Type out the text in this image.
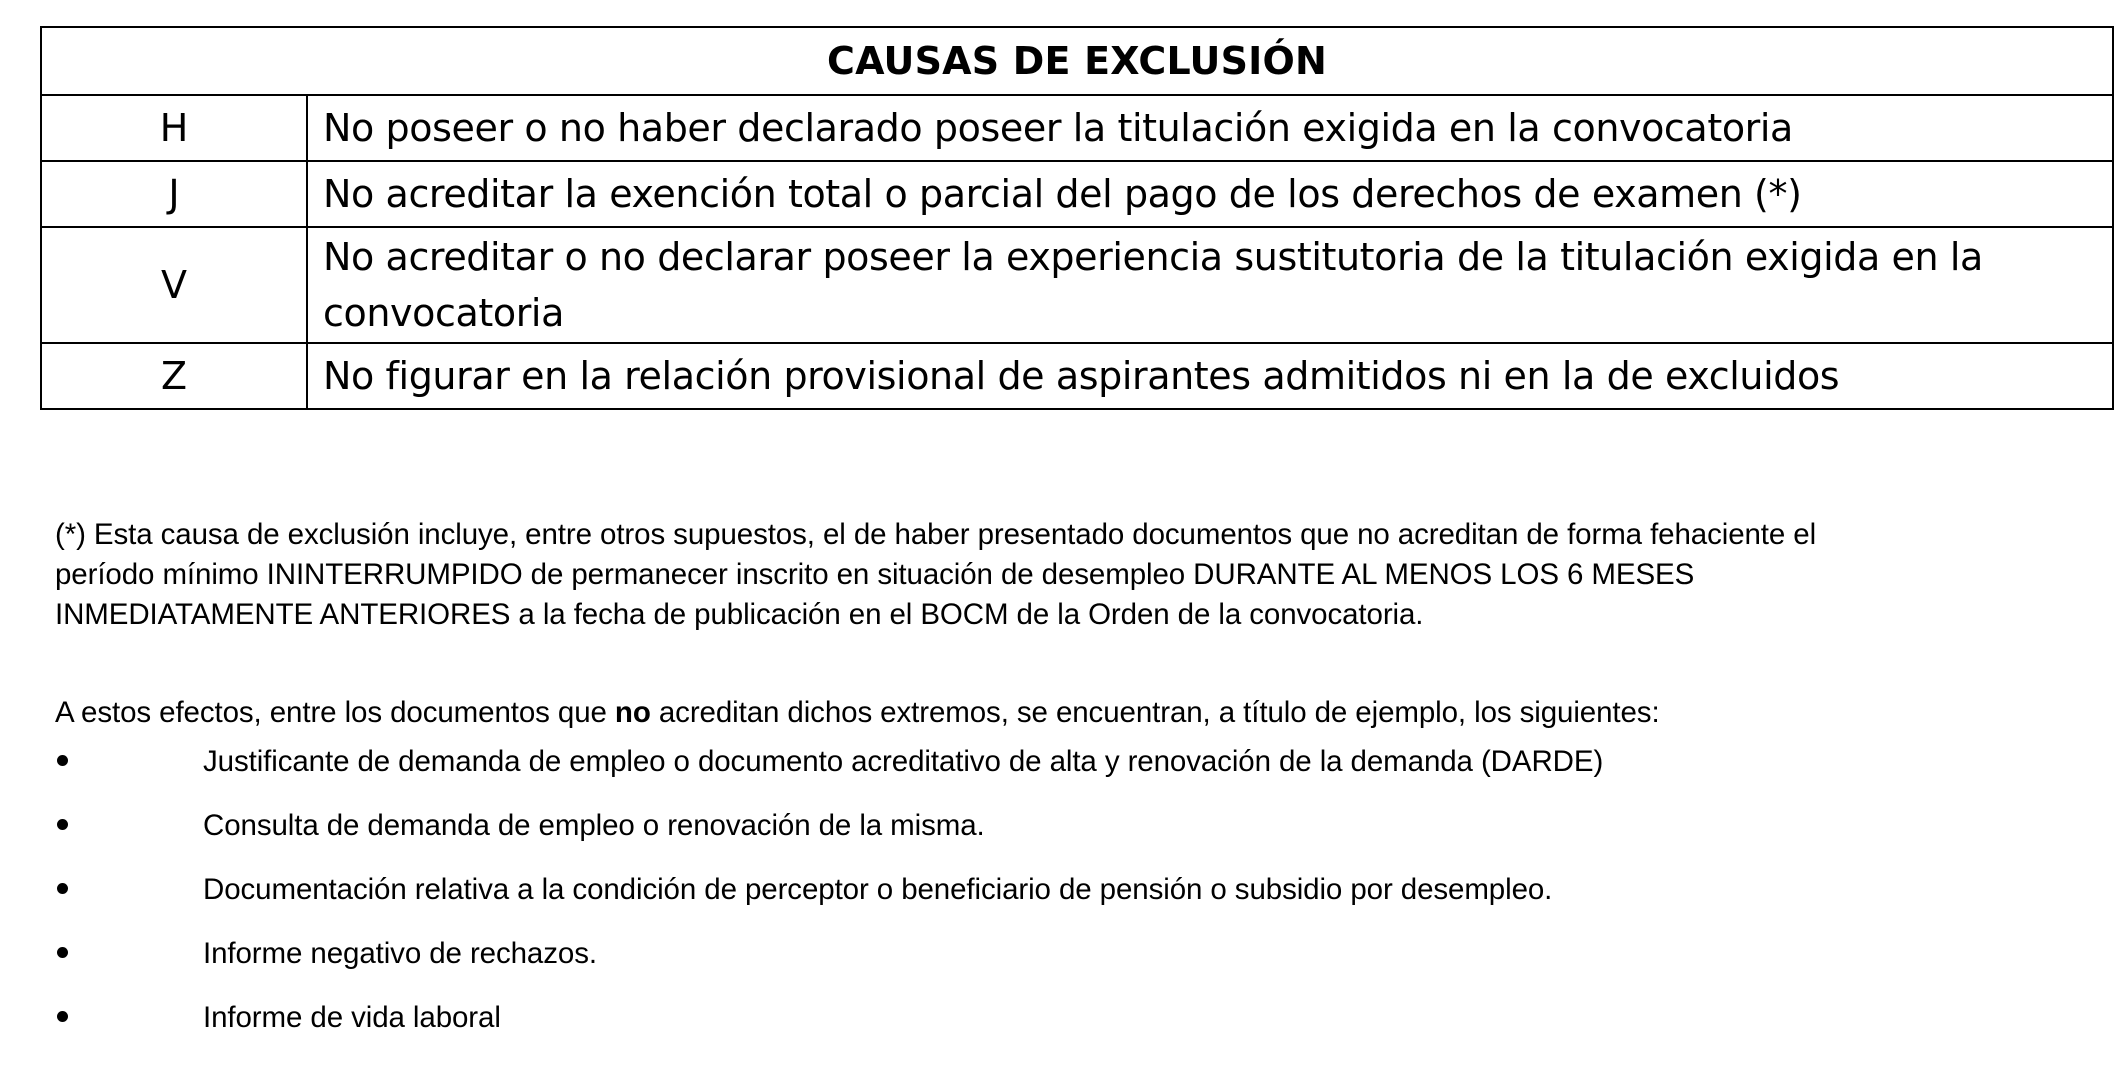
CAUSAS DE EXCLUSIÓN	
H	No poseer o no haber declarado poseer la titulación exigida en la convocatoria
J	No acreditar la exención total o parcial del pago de los derechos de examen (*)
V	No acreditar o no declarar poseer la experiencia sustitutoria de la titulación exigida en la convocatoria
Z	No figurar en la relación provisional de aspirantes admitidos ni en la de excluidos

(*) Esta causa de exclusión incluye, entre otros supuestos, el de haber presentado documentos que no acreditan de forma fehaciente el
período mínimo ININTERRUMPIDO de permanecer inscrito en situación de desempleo DURANTE AL MENOS LOS 6 MESES
INMEDIATAMENTE ANTERIORES a la fecha de publicación en el BOCM de la Orden de la convocatoria.

A estos efectos, entre los documentos que no acreditan dichos extremos, se encuentran, a título de ejemplo, los siguientes:

Justificante de demanda de empleo o documento acreditativo de alta y renovación de la demanda (DARDE)
Consulta de demanda de empleo o renovación de la misma.
Documentación relativa a la condición de perceptor o beneficiario de pensión o subsidio por desempleo.
Informe negativo de rechazos.
Informe de vida laboral
